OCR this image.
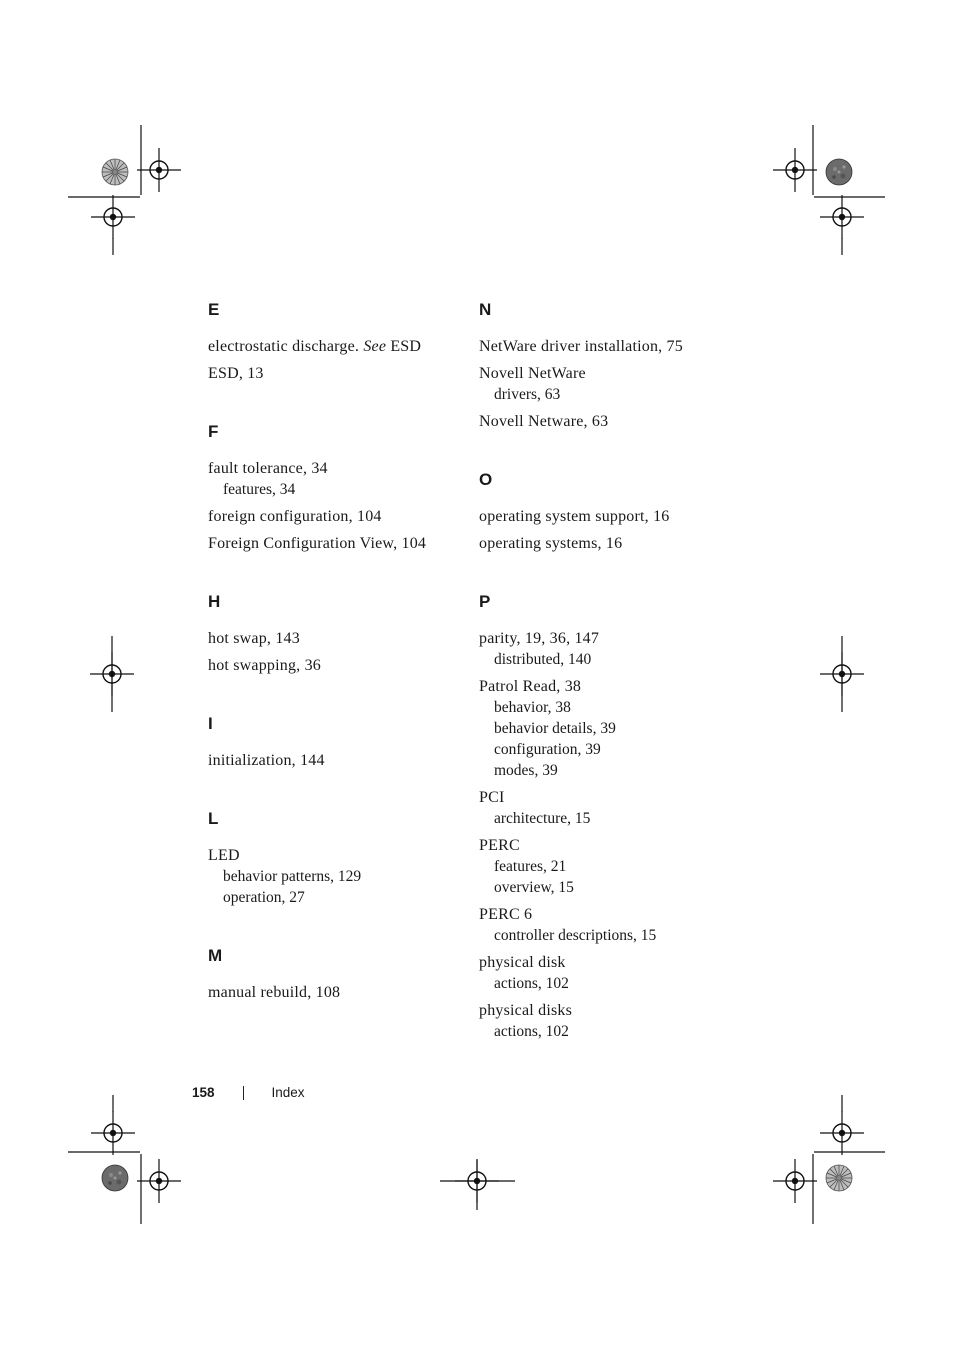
E
electrostatic discharge. See ESD
ESD, 13
F
fault tolerance, 34
features, 34
foreign configuration, 104
Foreign Configuration View, 104
H
hot swap, 143
hot swapping, 36
I
initialization, 144
L
LED
behavior patterns, 129
operation, 27
M
manual rebuild, 108
N
NetWare driver installation, 75
Novell NetWare
drivers, 63
Novell Netware, 63
O
operating system support, 16
operating systems, 16
P
parity, 19, 36, 147
distributed, 140
Patrol Read, 38
behavior, 38
behavior details, 39
configuration, 39
modes, 39
PCI
architecture, 15
PERC
features, 21
overview, 15
PERC 6
controller descriptions, 15
physical disk
actions, 102
physical disks
actions, 102
158	Index
